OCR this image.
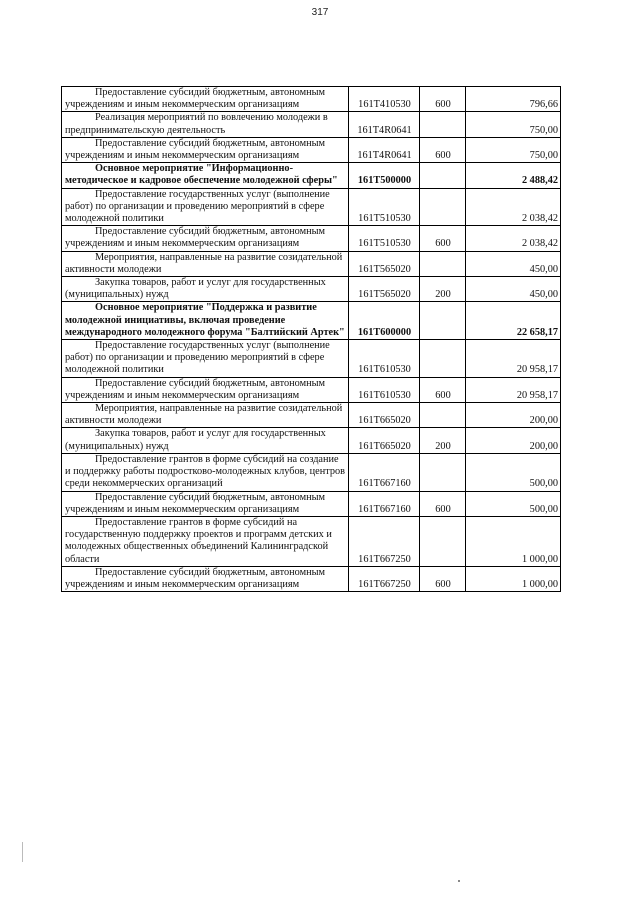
317
Предоставление субсидий бюджетным, автономным учреждениям и иным некоммерческим организациям	161T410530	600	796,66
Реализация мероприятий по вовлечению молодежи в предпринимательскую деятельность	161T4R0641		750,00
Предоставление субсидий бюджетным, автономным учреждениям и иным некоммерческим организациям	161T4R0641	600	750,00
Основное мероприятие "Информационно-методическое и кадровое обеспечение молодежной сферы"	161T500000		2 488,42
Предоставление государственных услуг (выполнение работ) по организации и проведению мероприятий в сфере молодежной политики	161T510530		2 038,42
Предоставление субсидий бюджетным, автономным учреждениям и иным некоммерческим организациям	161T510530	600	2 038,42
Мероприятия, направленные на развитие созидательной активности молодежи	161T565020		450,00
Закупка товаров, работ и услуг для государственных (муниципальных) нужд	161T565020	200	450,00
Основное мероприятие "Поддержка и развитие молодежной инициативы, включая проведение международного молодежного форума "Балтийский Артек"	161T600000		22 658,17
Предоставление государственных услуг (выполнение работ) по организации и проведению мероприятий в сфере молодежной политики	161T610530		20 958,17
Предоставление субсидий бюджетным, автономным учреждениям и иным некоммерческим организациям	161T610530	600	20 958,17
Мероприятия, направленные на развитие созидательной активности молодежи	161T665020		200,00
Закупка товаров, работ и услуг для государственных (муниципальных) нужд	161T665020	200	200,00
Предоставление грантов в форме субсидий на создание и поддержку работы подростково-молодежных клубов, центров среди некоммерческих организаций	161T667160		500,00
Предоставление субсидий бюджетным, автономным учреждениям и иным некоммерческим организациям	161T667160	600	500,00
Предоставление грантов в форме субсидий на государственную поддержку проектов и программ детских и молодежных общественных объединений Калининградской области	161T667250		1 000,00
Предоставление субсидий бюджетным, автономным учреждениям и иным некоммерческим организациям	161T667250	600	1 000,00
